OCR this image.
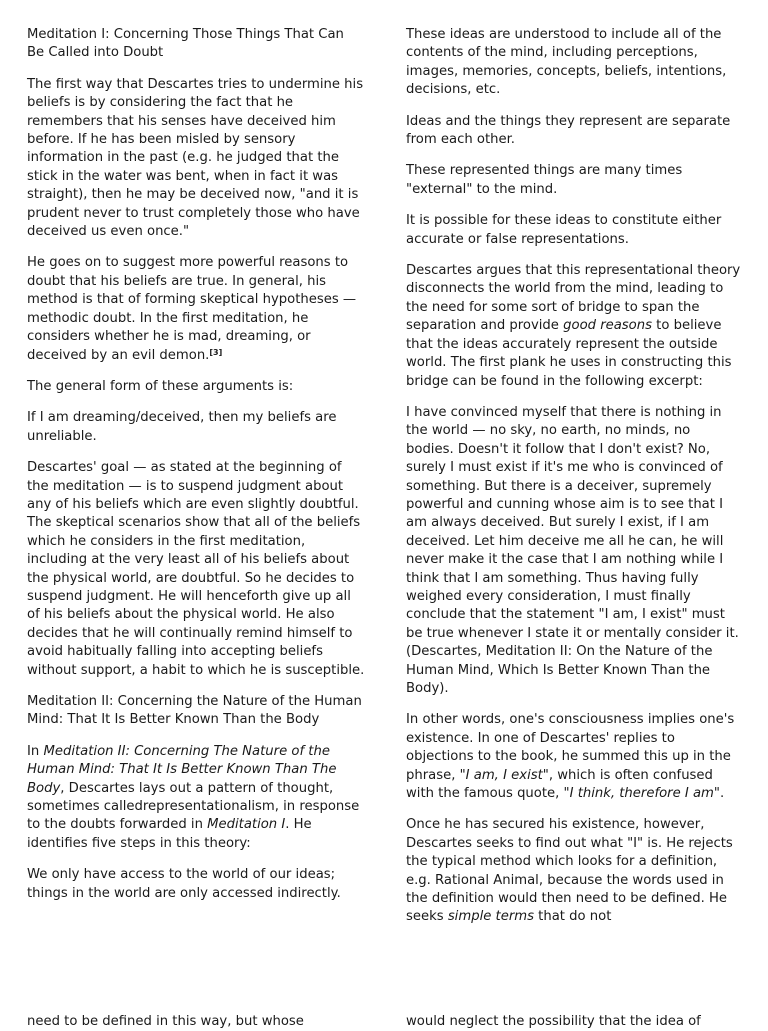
Meditation I: Concerning Those Things That Can Be Called into Doubt

The first way that Descartes tries to undermine his beliefs is by considering the fact that he remembers that his senses have deceived him before. If he has been misled by sensory information in the past (e.g. he judged that the stick in the water was bent, when in fact it was straight), then he may be deceived now, "and it is prudent never to trust completely those who have deceived us even once."

He goes on to suggest more powerful reasons to doubt that his beliefs are true. In general, his method is that of forming skeptical hypotheses — methodic doubt. In the first meditation, he considers whether he is mad, dreaming, or deceived by an evil demon.[3]

The general form of these arguments is:

If I am dreaming/deceived, then my beliefs are unreliable.

Descartes' goal — as stated at the beginning of the meditation — is to suspend judgment about any of his beliefs which are even slightly doubtful. The skeptical scenarios show that all of the beliefs which he considers in the first meditation, including at the very least all of his beliefs about the physical world, are doubtful. So he decides to suspend judgment. He will henceforth give up all of his beliefs about the physical world. He also decides that he will continually remind himself to avoid habitually falling into accepting beliefs without support, a habit to which he is susceptible.

Meditation II: Concerning the Nature of the Human Mind: That It Is Better Known Than the Body

In Meditation II: Concerning The Nature of the Human Mind: That It Is Better Known Than The Body, Descartes lays out a pattern of thought, sometimes calledrepresentationalism, in response to the doubts forwarded in Meditation I. He identifies five steps in this theory:

We only have access to the world of our ideas; things in the world are only accessed indirectly.

These ideas are understood to include all of the contents of the mind, including perceptions, images, memories, concepts, beliefs, intentions, decisions, etc.

Ideas and the things they represent are separate from each other.

These represented things are many times "external" to the mind.

It is possible for these ideas to constitute either accurate or false representations.

Descartes argues that this representational theory disconnects the world from the mind, leading to the need for some sort of bridge to span the separation and provide good reasons to believe that the ideas accurately represent the outside world. The first plank he uses in constructing this bridge can be found in the following excerpt:

I have convinced myself that there is nothing in the world — no sky, no earth, no minds, no bodies. Doesn't it follow that I don't exist? No, surely I must exist if it's me who is convinced of something. But there is a deceiver, supremely powerful and cunning whose aim is to see that I am always deceived. But surely I exist, if I am deceived. Let him deceive me all he can, he will never make it the case that I am nothing while I think that I am something. Thus having fully weighed every consideration, I must finally conclude that the statement "I am, I exist" must be true whenever I state it or mentally consider it. (Descartes, Meditation II: On the Nature of the Human Mind, Which Is Better Known Than the Body).

In other words, one's consciousness implies one's existence. In one of Descartes' replies to objections to the book, he summed this up in the phrase, "I am, I exist", which is often confused with the famous quote, "I think, therefore I am".

Once he has secured his existence, however, Descartes seeks to find out what "I" is. He rejects the typical method which looks for a definition, e.g. Rational Animal, because the words used in the definition would then need to be defined. He seeks simple terms that do not

need to be defined in this way, but whose	would neglect the possibility that the idea of
